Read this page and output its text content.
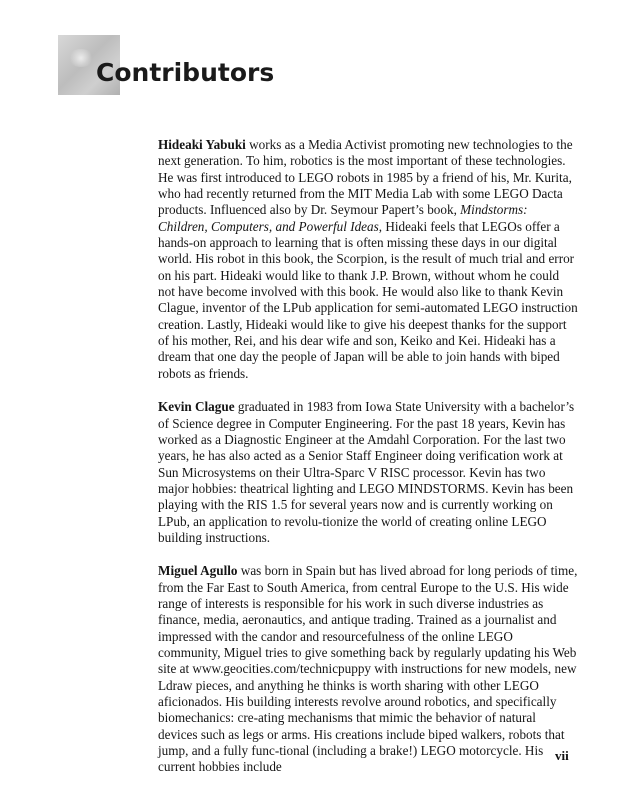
Contributors

Hideaki Yabuki works as a Media Activist promoting new technologies to the next generation. To him, robotics is the most important of these technologies. He was first introduced to LEGO robots in 1985 by a friend of his, Mr. Kurita, who had recently returned from the MIT Media Lab with some LEGO Dacta products. Influenced also by Dr. Seymour Papert’s book, Mindstorms: Children, Computers, and Powerful Ideas, Hideaki feels that LEGOs offer a hands-on approach to learning that is often missing these days in our digital world. His robot in this book, the Scorpion, is the result of much trial and error on his part. Hideaki would like to thank J.P. Brown, without whom he could not have become involved with this book. He would also like to thank Kevin Clague, inventor of the LPub application for semi-automated LEGO instruction creation. Lastly, Hideaki would like to give his deepest thanks for the support of his mother, Rei, and his dear wife and son, Keiko and Kei. Hideaki has a dream that one day the people of Japan will be able to join hands with biped robots as friends.

Kevin Clague graduated in 1983 from Iowa State University with a bachelor’s of Science degree in Computer Engineering. For the past 18 years, Kevin has worked as a Diagnostic Engineer at the Amdahl Corporation. For the last two years, he has also acted as a Senior Staff Engineer doing verification work at Sun Microsystems on their Ultra-Sparc V RISC processor. Kevin has two major hobbies: theatrical lighting and LEGO MINDSTORMS. Kevin has been playing with the RIS 1.5 for several years now and is currently working on LPub, an application to revolu-tionize the world of creating online LEGO building instructions.

Miguel Agullo was born in Spain but has lived abroad for long periods of time, from the Far East to South America, from central Europe to the U.S. His wide range of interests is responsible for his work in such diverse industries as finance, media, aeronautics, and antique trading. Trained as a journalist and impressed with the candor and resourcefulness of the online LEGO community, Miguel tries to give something back by regularly updating his Web site at www.geocities.com/technicpuppy with instructions for new models, new Ldraw pieces, and anything he thinks is worth sharing with other LEGO aficionados. His building interests revolve around robotics, and specifically biomechanics: cre-ating mechanisms that mimic the behavior of natural devices such as legs or arms. His creations include biped walkers, robots that jump, and a fully func-tional (including a brake!) LEGO motorcycle. His current hobbies include

vii
